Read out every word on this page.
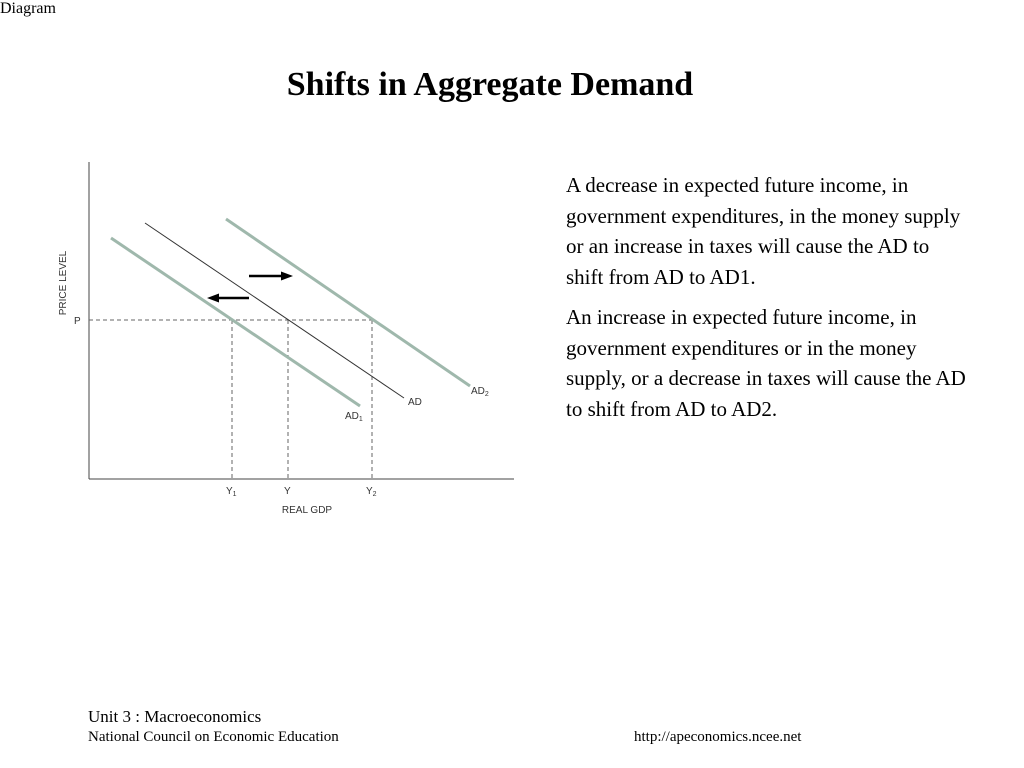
Diagram
Shifts in Aggregate Demand
PRICE LEVEL
REAL GDP
P
$Y_1$	Y	$Y_2$
$AD_1$
AD
$AD_2$

A decrease in expected future income, in government expenditures, in the money supply or an increase in taxes will cause the AD to shift from AD to AD1.

An increase in expected future income, in government expenditures or in the money supply, or a decrease in taxes will cause the AD to shift from AD to AD2.

Unit 3 : Macroeconomics
National Council on Economic Education	http://apeconomics.ncee.net
